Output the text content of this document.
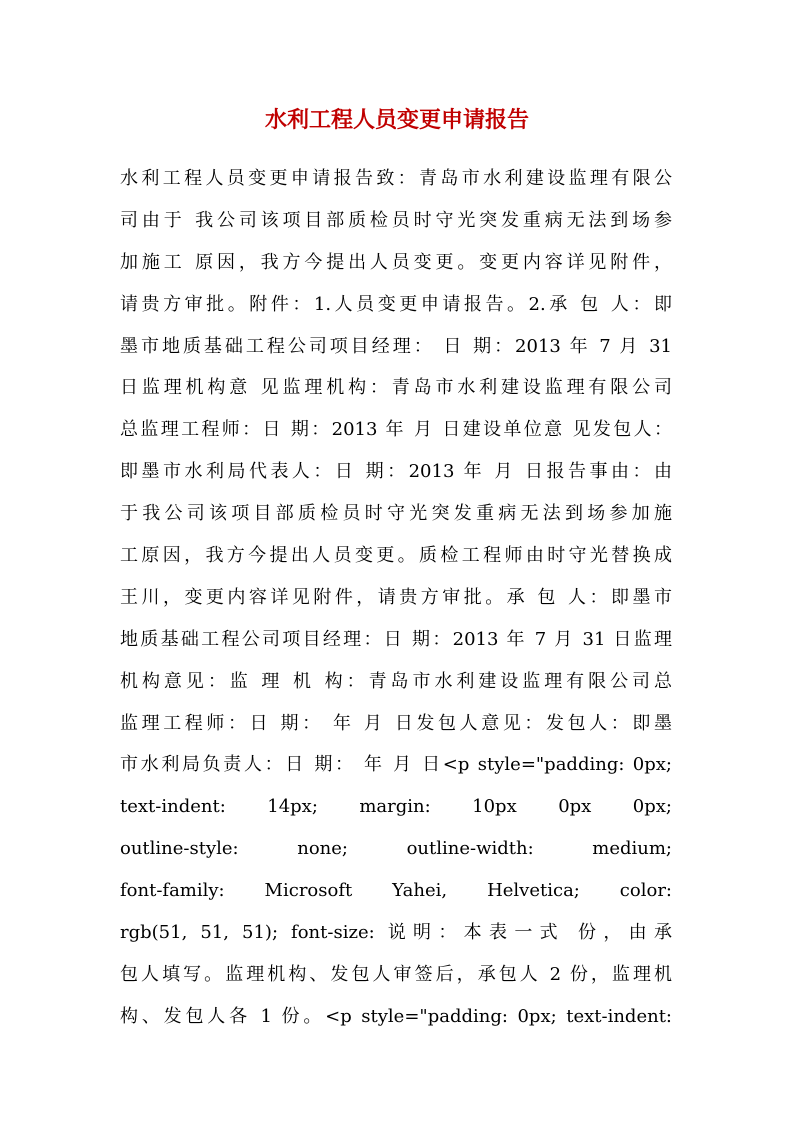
水利工程人员变更申请报告
水利工程人员变更申请报告致：青岛市水利建设监理有限公
司由于 我公司该项目部质检员时守光突发重病无法到场参
加施工 原因，我方今提出人员变更。变更内容详见附件，
请贵方审批。附件：1.人员变更申请报告。2.承 包 人：即
墨市地质基础工程公司项目经理： 日 期：2013 年 7 月 31
日监理机构意 见监理机构：青岛市水利建设监理有限公司
总监理工程师：日 期：2013 年 月 日建设单位意 见发包人：
即墨市水利局代表人：日 期：2013 年 月 日报告事由：由
于我公司该项目部质检员时守光突发重病无法到场参加施
工原因，我方今提出人员变更。质检工程师由时守光替换成
王川，变更内容详见附件，请贵方审批。承 包 人：即墨市
地质基础工程公司项目经理：日 期：2013 年 7 月 31 日监理
机构意见：监 理 机 构：青岛市水利建设监理有限公司总
监理工程师：日 期： 年 月 日发包人意见：发包人：即墨
市水利局负责人：日 期： 年 月 日<p style="padding: 0px;
text-indent: 14px; margin: 10px 0px 0px;
outline-style: none; outline-width: medium;
font-family: Microsoft Yahei, Helvetica; color:
rgb(51, 51, 51); font-size: 说明：本表一式 份，由承
包人填写。监理机构、发包人审签后，承包人 2 份，监理机
构、发包人各 1 份。<p style="padding: 0px; text-indent:
